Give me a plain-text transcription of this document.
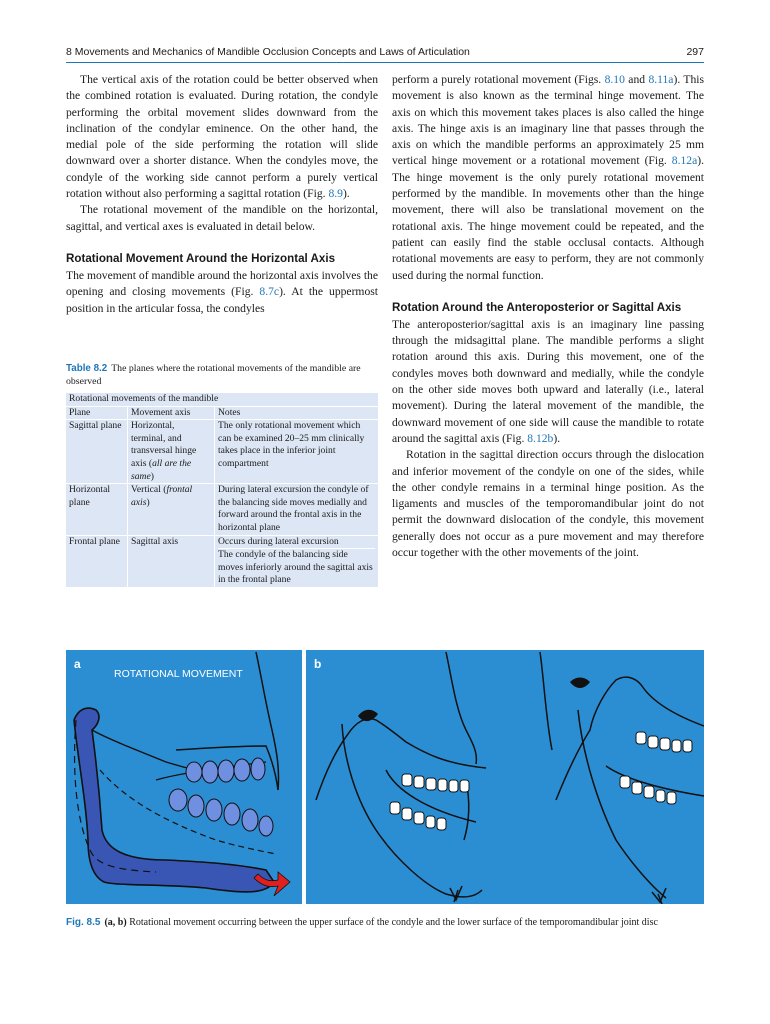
8 Movements and Mechanics of Mandible Occlusion Concepts and Laws of Articulation	297

The vertical axis of the rotation could be better observed when the combined rotation is evaluated. During rotation, the condyle performing the orbital movement slides downward from the inclination of the condylar eminence. On the other hand, the medial pole of the side performing the rotation will slide downward over a shorter distance. When the condyles move, the condyle of the working side cannot perform a purely vertical rotation without also performing a sagittal rotation (Fig. 8.9).

The rotational movement of the mandible on the horizontal, sagittal, and vertical axes is evaluated in detail below.

Rotational Movement Around the Horizontal Axis

The movement of mandible around the horizontal axis involves the opening and closing movements (Fig. 8.7c). At the uppermost position in the articular fossa, the condyles

Table 8.2 The planes where the rotational movements of the mandible are observed
Rotational movements of the mandible		
Plane	Movement axis	Notes
Sagittal plane	Horizontal, terminal, and transversal hinge axis (all are the same)	The only rotational movement which can be examined 20–25 mm clinically takes place in the inferior joint compartment
Horizontal plane	Vertical (frontal axis)	During lateral excursion the condyle of the balancing side moves medially and forward around the frontal axis in the horizontal plane
Frontal plane	Sagittal axis	Occurs during lateral excursion
The condyle of the balancing side moves inferiorly around the sagittal axis in the frontal plane

perform a purely rotational movement (Figs. 8.10 and 8.11a). This movement is also known as the terminal hinge movement. The axis on which this movement takes places is also called the hinge axis. The hinge axis is an imaginary line that passes through the axis on which the mandible performs an approximately 25 mm vertical hinge movement or a rotational movement (Fig. 8.12a). The hinge movement is the only purely rotational movement performed by the mandible. In movements other than the hinge movement, there will also be translational movement on the rotational axis. The hinge movement could be repeated, and the patient can easily find the stable occlusal contacts. Although rotational movements are easy to perform, they are not commonly used during the normal function.

Rotation Around the Anteroposterior or Sagittal Axis

The anteroposterior/sagittal axis is an imaginary line passing through the midsagittal plane. The mandible performs a slight rotation around this axis. During this movement, one of the condyles moves both downward and medially, while the condyle on the other side moves both upward and laterally (i.e., lateral movement). During the lateral movement of the mandible, the downward movement of one side will cause the mandible to rotate around the sagittal axis (Fig. 8.12b).

Rotation in the sagittal direction occurs through the dislocation and inferior movement of the condyle on one of the sides, while the other condyle remains in a terminal hinge position. As the ligaments and muscles of the temporomandibular joint do not permit the downward dislocation of the condyle, this movement generally does not occur as a pure movement and may therefore occur together with the other movements of the joint.

a
ROTATIONAL MOVEMENT
b
Fig. 8.5 (a, b) Rotational movement occurring between the upper surface of the condyle and the lower surface of the temporomandibular joint disc
